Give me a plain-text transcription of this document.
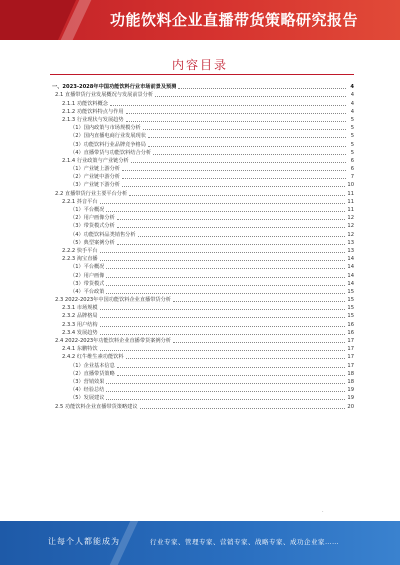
功能饮料企业直播带货策略研究报告
内容目录
一、2023-2028年中国功能饮料行业市场前景及预测	4
2.1 直播带货行业发展概况与发展前景分析	4
2.1.1 功能饮料概念	4
2.1.2 功能饮料特点与作用	4
2.1.3 行业现状与发展趋势	5
（1）国内政策与市场规模分析	5
（2）国内直播电商行业发展现状	5
（3）功能饮料行业品牌竞争格局	5
（4）直播带货与功能饮料结合分析	5
2.1.4 行业政策与产业链分析	6
（1）产业链上游分析	6
（2）产业链中游分析	7
（3）产业链下游分析	10
2.2 直播带货行业主要平台分析	11
2.2.1 抖音平台	11
（1）平台概况	11
（2）用户画像分析	12
（3）带货模式分析	12
（4）功能饮料品类销售分析	12
（5）典型案例分析	13
2.2.2 快手平台	13
2.2.3 淘宝直播	14
（1）平台概况	14
（2）用户画像	14
（3）带货模式	14
（4）平台政策	15
2.3 2022-2023年中国功能饮料企业直播带货分析	15
2.3.1 市场规模	15
2.3.2 品牌格局	15
2.3.3 用户结构	16
2.3.4 发展趋势	16
2.4 2022-2023年功能饮料企业直播带货案例分析	17
2.4.1 东鹏特饮	17
2.4.2 红牛维生素功能饮料	17
（1）企业基本信息	17
（2）直播带货策略	18
（3）营销效果	18
（4）经验总结	19
（5）发展建议	19
2.5 功能饮料企业直播带货策略建议	20
.
让每个人都能成为	行业专家、管理专家、营销专家、战略专家、成功企业家……
